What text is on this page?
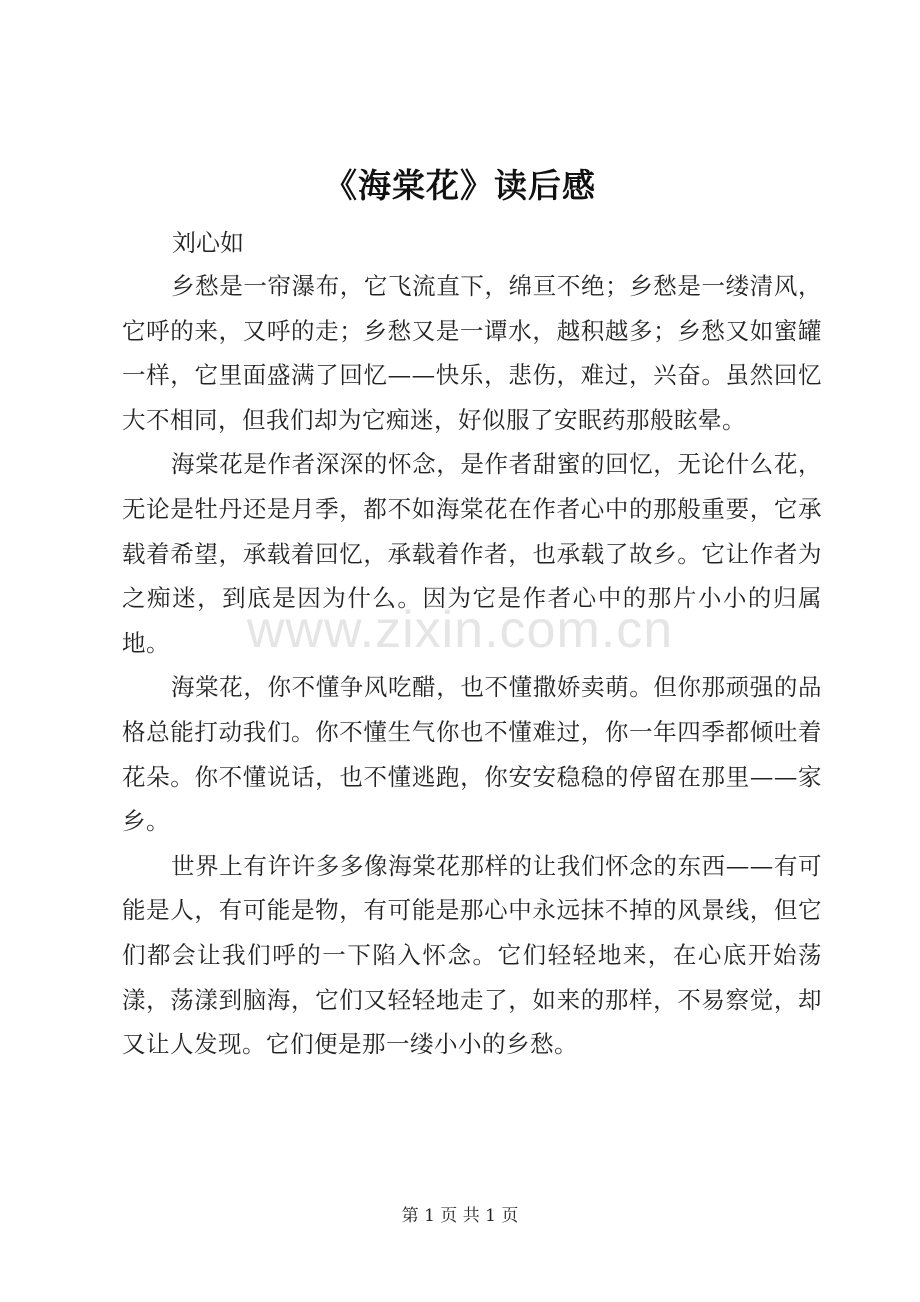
《海棠花》读后感
刘心如

乡愁是一帘瀑布，它飞流直下，绵亘不绝；乡愁是一缕清风，它呼的来，又呼的走；乡愁又是一谭水，越积越多；乡愁又如蜜罐一样，它里面盛满了回忆——快乐，悲伤，难过，兴奋。虽然回忆大不相同，但我们却为它痴迷，好似服了安眠药那般眩晕。

海棠花是作者深深的怀念，是作者甜蜜的回忆，无论什么花，无论是牡丹还是月季，都不如海棠花在作者心中的那般重要，它承载着希望，承载着回忆，承载着作者，也承载了故乡。它让作者为之痴迷，到底是因为什么。因为它是作者心中的那片小小的归属地。

海棠花，你不懂争风吃醋，也不懂撒娇卖萌。但你那顽强的品格总能打动我们。你不懂生气你也不懂难过，你一年四季都倾吐着花朵。你不懂说话，也不懂逃跑，你安安稳稳的停留在那里——家乡。

世界上有许许多多像海棠花那样的让我们怀念的东西——有可能是人，有可能是物，有可能是那心中永远抹不掉的风景线，但它们都会让我们呼的一下陷入怀念。它们轻轻地来，在心底开始荡漾，荡漾到脑海，它们又轻轻地走了，如来的那样，不易察觉，却又让人发现。它们便是那一缕小小的乡愁。

www.zixin.com.cn
第 1 页 共 1 页
